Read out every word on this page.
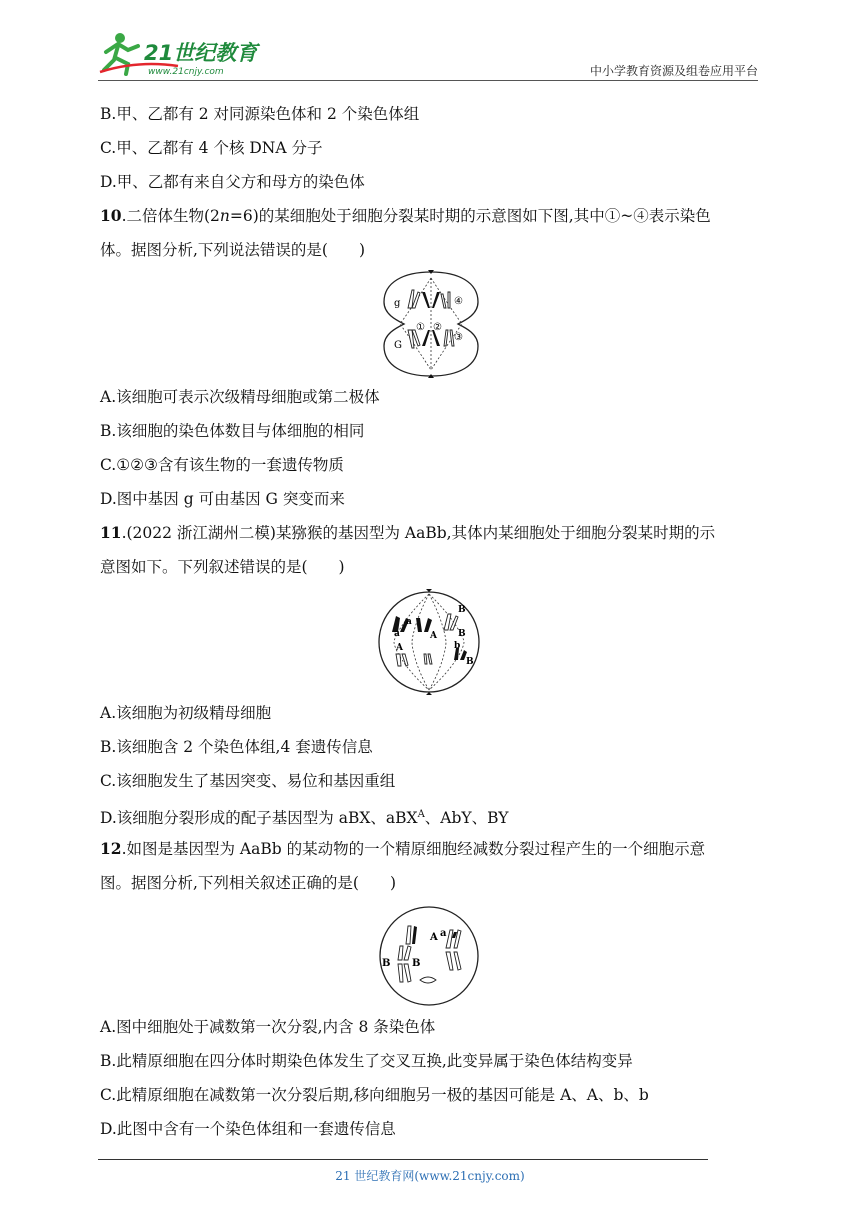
21世纪教育
www.21cnjy.com	中小学教育资源及组卷应用平台
B.甲、乙都有 2 对同源染色体和 2 个染色体组
C.甲、乙都有 4 个核 DNA 分子
D.甲、乙都有来自父方和母方的染色体
10.二倍体生物(2n=6)的某细胞处于细胞分裂某时期的示意图如下图,其中①~④表示染色
体。据图分析,下列说法错误的是(　　)
g
G
① ②
③
④
A.该细胞可表示次级精母细胞或第二极体
B.该细胞的染色体数目与体细胞的相同
C.①②③含有该生物的一套遗传物质
D.图中基因 g 可由基因 G 突变而来
11.(2022 浙江湖州二模)某猕猴的基因型为 AaBb,其体内某细胞处于细胞分裂某时期的示
意图如下。下列叙述错误的是(　　)
a
a	A
A
B
B
b
B
A.该细胞为初级精母细胞
B.该细胞含 2 个染色体组,4 套遗传信息
C.该细胞发生了基因突变、易位和基因重组
D.该细胞分裂形成的配子基因型为 aBX、aBX$^A$、AbY、BY
12.如图是基因型为 AaBb 的某动物的一个精原细胞经减数分裂过程产生的一个细胞示意
图。据图分析,下列相关叙述正确的是(　　)
A a
B B
A.图中细胞处于减数第一次分裂,内含 8 条染色体
B.此精原细胞在四分体时期染色体发生了交叉互换,此变异属于染色体结构变异
C.此精原细胞在减数第一次分裂后期,移向细胞另一极的基因可能是 A、A、b、b
D.此图中含有一个染色体组和一套遗传信息
21 世纪教育网(www.21cnjy.com)
